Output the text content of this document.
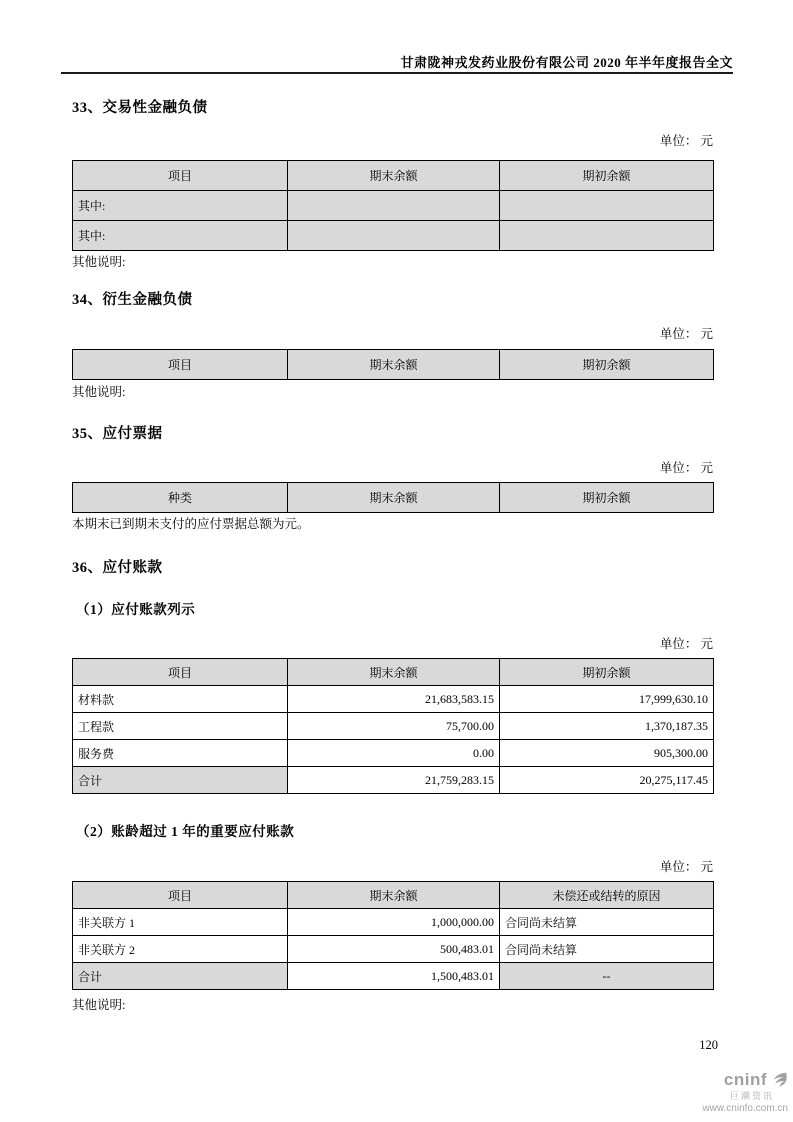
甘肃陇神戎发药业股份有限公司 2020 年半年度报告全文
33、交易性金融负债
单位： 元
项目	期末余额	期初余额
其中:		
其中:		
其他说明:
34、衍生金融负债
单位： 元
项目	期末余额	期初余额
其他说明:
35、应付票据
单位： 元
种类	期末余额	期初余额
本期末已到期未支付的应付票据总额为元。
36、应付账款
（1）应付账款列示
单位： 元
项目	期末余额	期初余额
材料款	21,683,583.15	17,999,630.10
工程款	75,700.00	1,370,187.35
服务费	0.00	905,300.00
合计	21,759,283.15	20,275,117.45
（2）账龄超过 1 年的重要应付账款
单位： 元
项目	期末余额	未偿还或结转的原因
非关联方 1	1,000,000.00	合同尚未结算
非关联方 2	500,483.01	合同尚未结算
合计	1,500,483.01	--
其他说明:
120
cninf
巨潮资讯
www.cninfo.com.cn
